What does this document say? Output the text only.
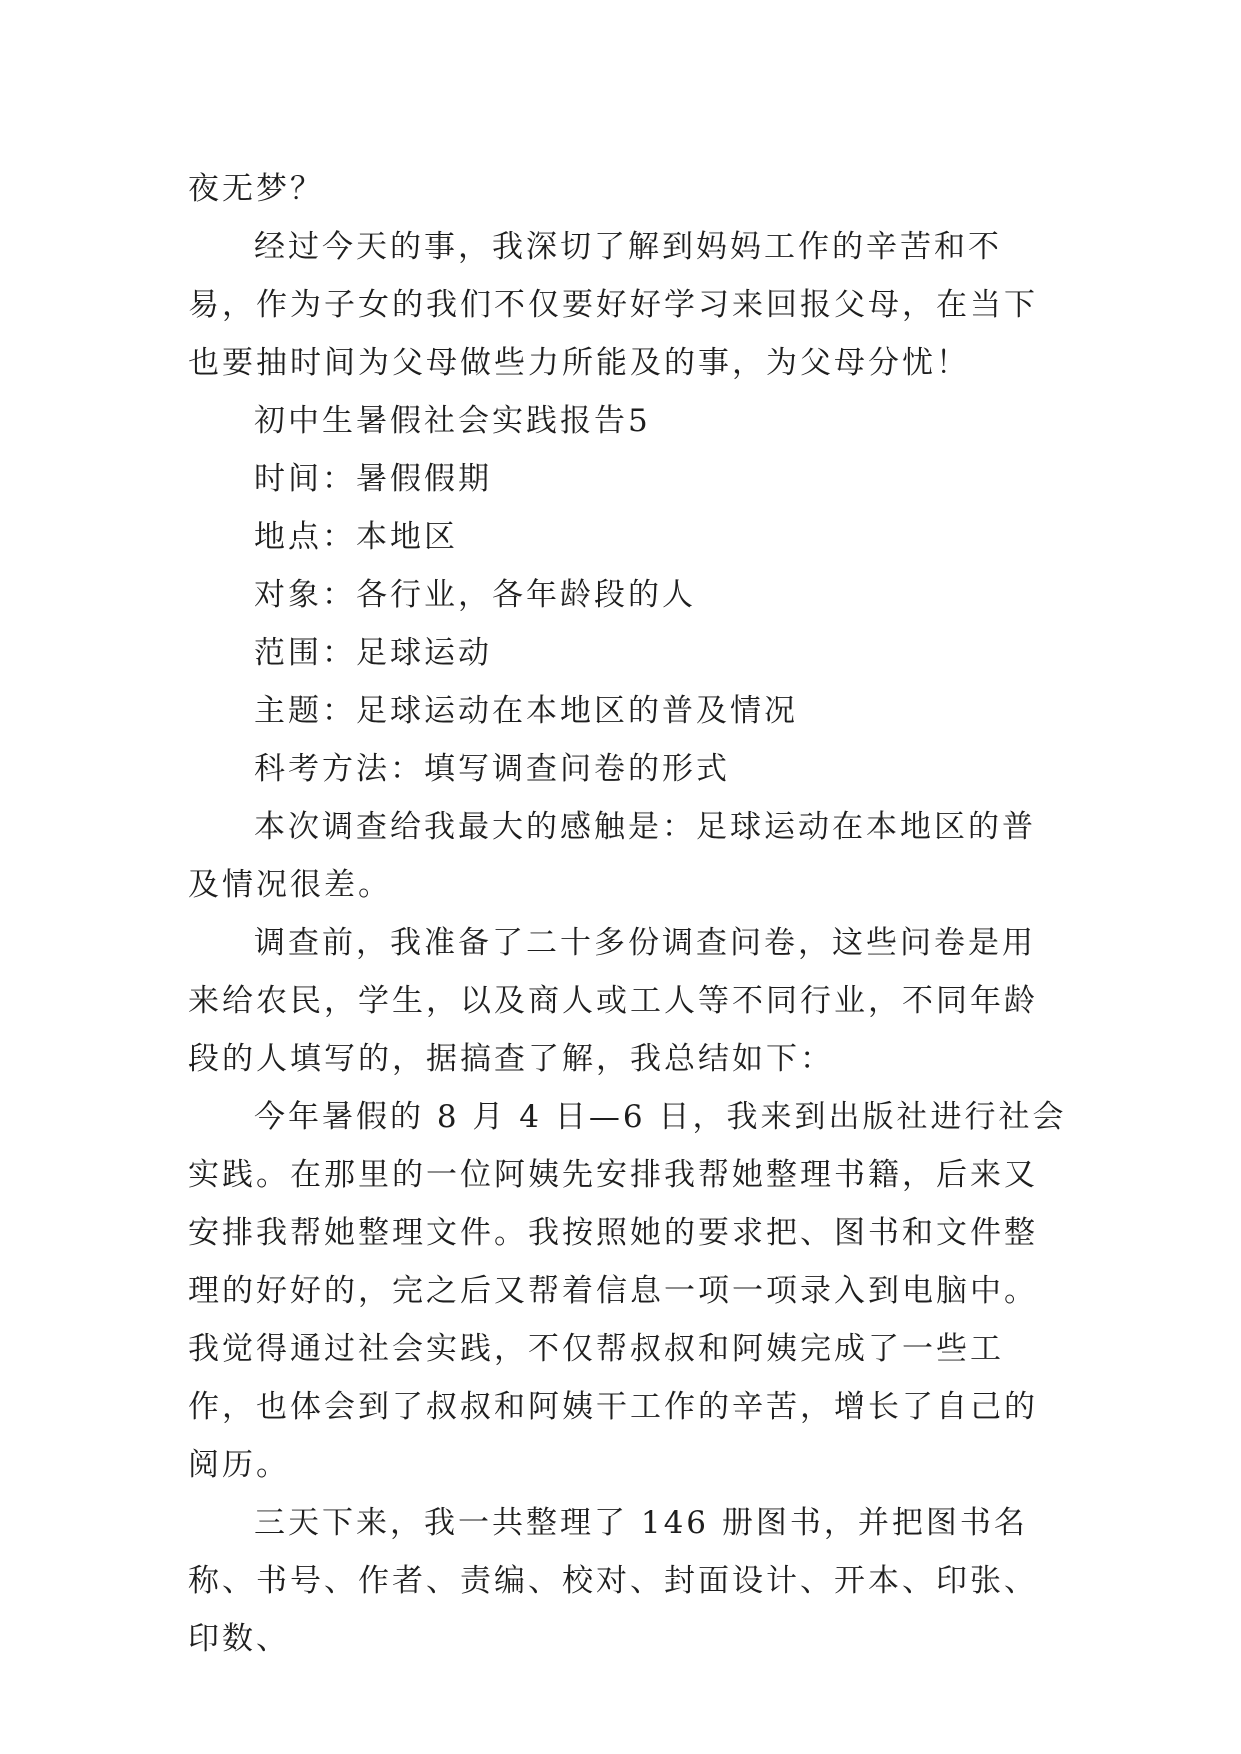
夜无梦？

经过今天的事，我深切了解到妈妈工作的辛苦和不易，作为子女的我们不仅要好好学习来回报父母，在当下也要抽时间为父母做些力所能及的事，为父母分忧！

初中生暑假社会实践报告5

时间：暑假假期

地点：本地区

对象：各行业，各年龄段的人

范围：足球运动

主题：足球运动在本地区的普及情况

科考方法：填写调查问卷的形式

本次调查给我最大的感触是：足球运动在本地区的普及情况很差。

调查前，我准备了二十多份调查问卷，这些问卷是用来给农民，学生，以及商人或工人等不同行业，不同年龄段的人填写的，据搞查了解，我总结如下：

今年暑假的 8 月 4 日—6 日，我来到出版社进行社会实践。在那里的一位阿姨先安排我帮她整理书籍，后来又安排我帮她整理文件。我按照她的要求把、图书和文件整理的好好的，完之后又帮着信息一项一项录入到电脑中。我觉得通过社会实践，不仅帮叔叔和阿姨完成了一些工作，也体会到了叔叔和阿姨干工作的辛苦，增长了自己的阅历。

三天下来，我一共整理了 146 册图书，并把图书名称、书号、作者、责编、校对、封面设计、开本、印张、印数、
